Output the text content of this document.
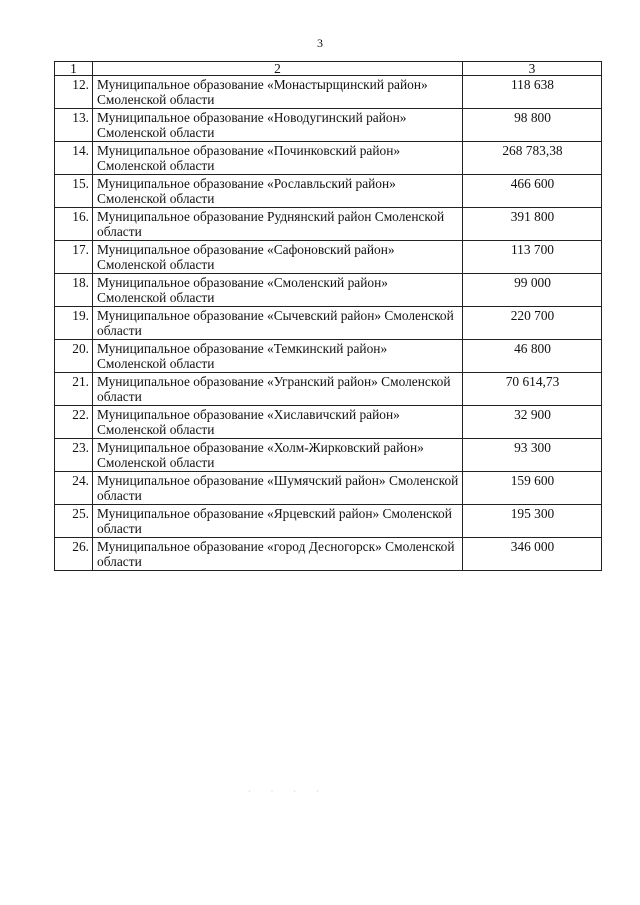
3
1	2	3
12.	Муниципальное образование «Монастырщинский район» Смоленской области	118 638
13.	Муниципальное образование «Новодугинский район» Смоленской области	98 800
14.	Муниципальное образование «Починковский район» Смоленской области	268 783,38
15.	Муниципальное образование «Рославльский район» Смоленской области	466 600
16.	Муниципальное образование Руднянский район Смоленской области	391 800
17.	Муниципальное образование «Сафоновский район» Смоленской области	113 700
18.	Муниципальное образование «Смоленский район» Смоленской области	99 000
19.	Муниципальное образование «Сычевский район» Смоленской области	220 700
20.	Муниципальное образование «Темкинский район» Смоленской области	46 800
21.	Муниципальное образование «Угранский район» Смоленской области	70 614,73
22.	Муниципальное образование «Хиславичский район» Смоленской области	32 900
23.	Муниципальное образование «Холм-Жирковский район» Смоленской области	93 300
24.	Муниципальное образование «Шумячский район» Смоленской области	159 600
25.	Муниципальное образование «Ярцевский район» Смоленской области	195 300
26.	Муниципальное образование «город Десногорск» Смоленской области	346 000
· · · ·
